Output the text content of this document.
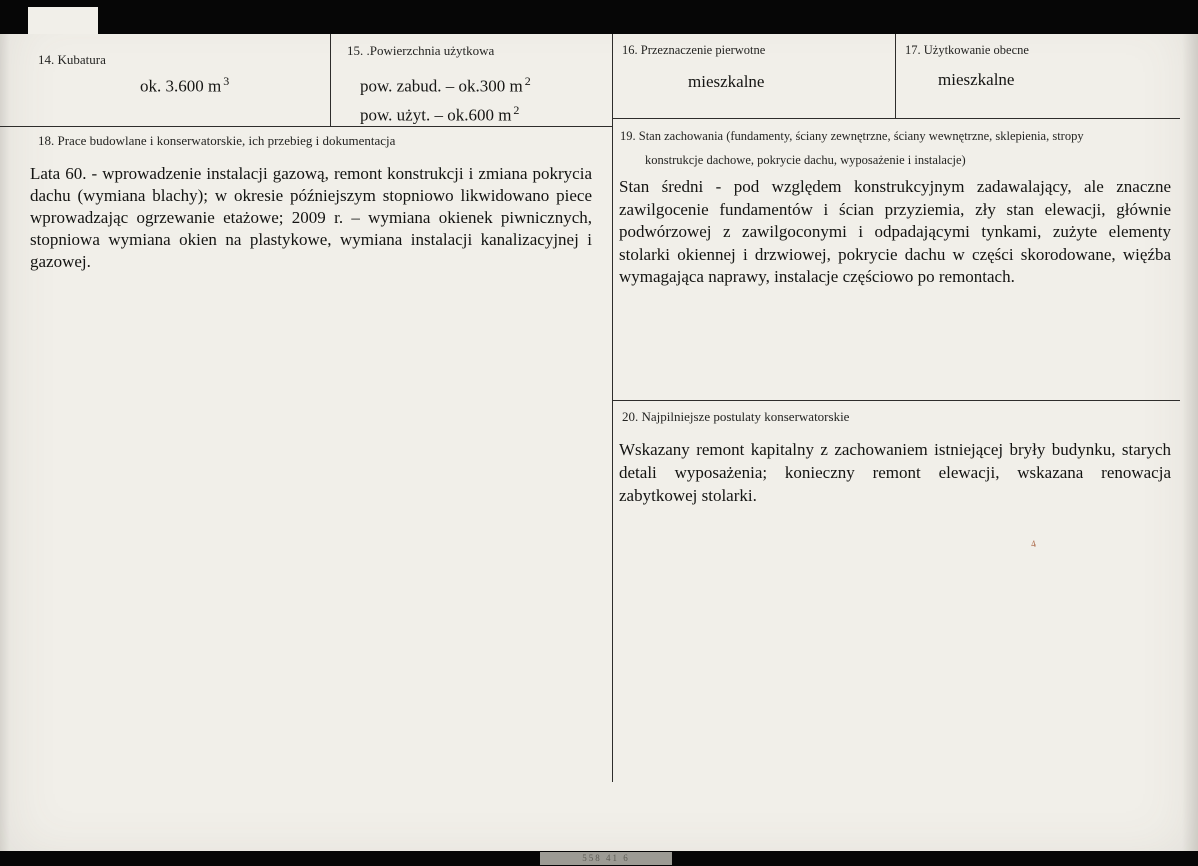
558 41 6
4
14. Kubatura
ok. 3.600 m $^3$
15. .Powierzchnia użytkowa
pow. zabud. – ok.300 m $^2$
pow. użyt. – ok.600 m $^2$
16. Przeznaczenie pierwotne
mieszkalne
17. Użytkowanie obecne
mieszkalne
18. Prace budowlane i konserwatorskie, ich przebieg i dokumentacja
Lata 60. - wprowadzenie instalacji gazową, remont konstrukcji i zmiana pokrycia dachu (wymiana blachy); w okresie późniejszym stopniowo likwidowano piece wprowadzając ogrzewanie etażowe; 2009 r. – wymiana okienek piwnicznych, stopniowa wymiana okien na plastykowe, wymiana instalacji kanalizacyjnej i gazowej.
19. Stan zachowania (fundamenty, ściany zewnętrzne, ściany wewnętrzne, sklepienia, stropy
konstrukcje dachowe, pokrycie dachu, wyposażenie i instalacje)
Stan średni - pod względem konstrukcyjnym zadawalający, ale znaczne zawilgocenie fundamentów i ścian przyziemia, zły stan elewacji, głównie podwórzowej z zawilgoconymi i odpadającymi tynkami, zużyte elementy stolarki okiennej i drzwiowej, pokrycie dachu w części skorodowane, więźba wymagająca naprawy, instalacje częściowo po remontach.
20. Najpilniejsze postulaty konserwatorskie
Wskazany remont kapitalny z zachowaniem istniejącej bryły budynku, starych detali wyposażenia; konieczny remont elewacji, wskazana renowacja zabytkowej stolarki.
